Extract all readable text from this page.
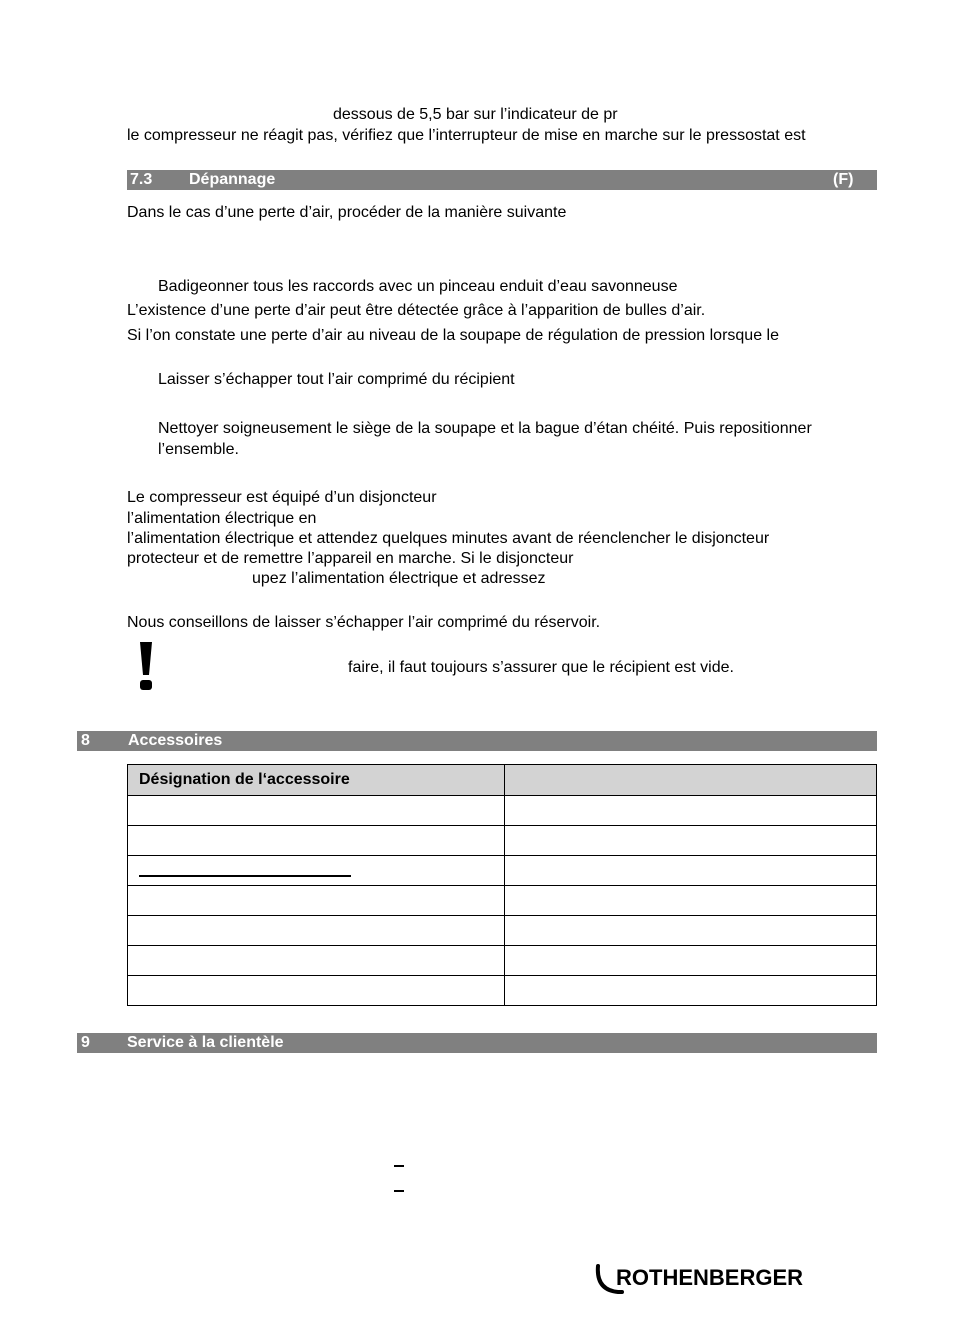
dessous de 5,5 bar sur l’indicateur de pr
le compresseur ne réagit pas, vérifiez que l’interrupteur de mise en marche sur le pressostat est
7.3 Dépannage	(F)
Dans le cas d’une perte d’air, procéder de la manière suivante
Badigeonner tous les raccords avec un pinceau enduit d’eau savonneuse
L’existence d’une perte d’air peut être détectée grâce à l’apparition de bulles d’air.
Si l’on constate une perte d’air au niveau de la soupape de régulation de pression lorsque le
Laisser s’échapper tout l’air comprimé du récipient
Nettoyer soigneusement le siège de la soupape et la bague d’étan chéité. Puis repositionner
l’ensemble.
Le compresseur est équipé d’un disjoncteur
l’alimentation électrique en
l’alimentation électrique et attendez quelques minutes avant de réenclencher le disjoncteur
protecteur et de remettre l’appareil en marche. Si le disjoncteur
upez l’alimentation électrique et adressez
Nous conseillons de laisser s’échapper l’air comprimé du réservoir.
faire, il faut toujours s’assurer que le récipient est vide.
8 Accessoires
Désignation de l‘accessoire	

9 Service à la clientèle
ROTHENBERGER
